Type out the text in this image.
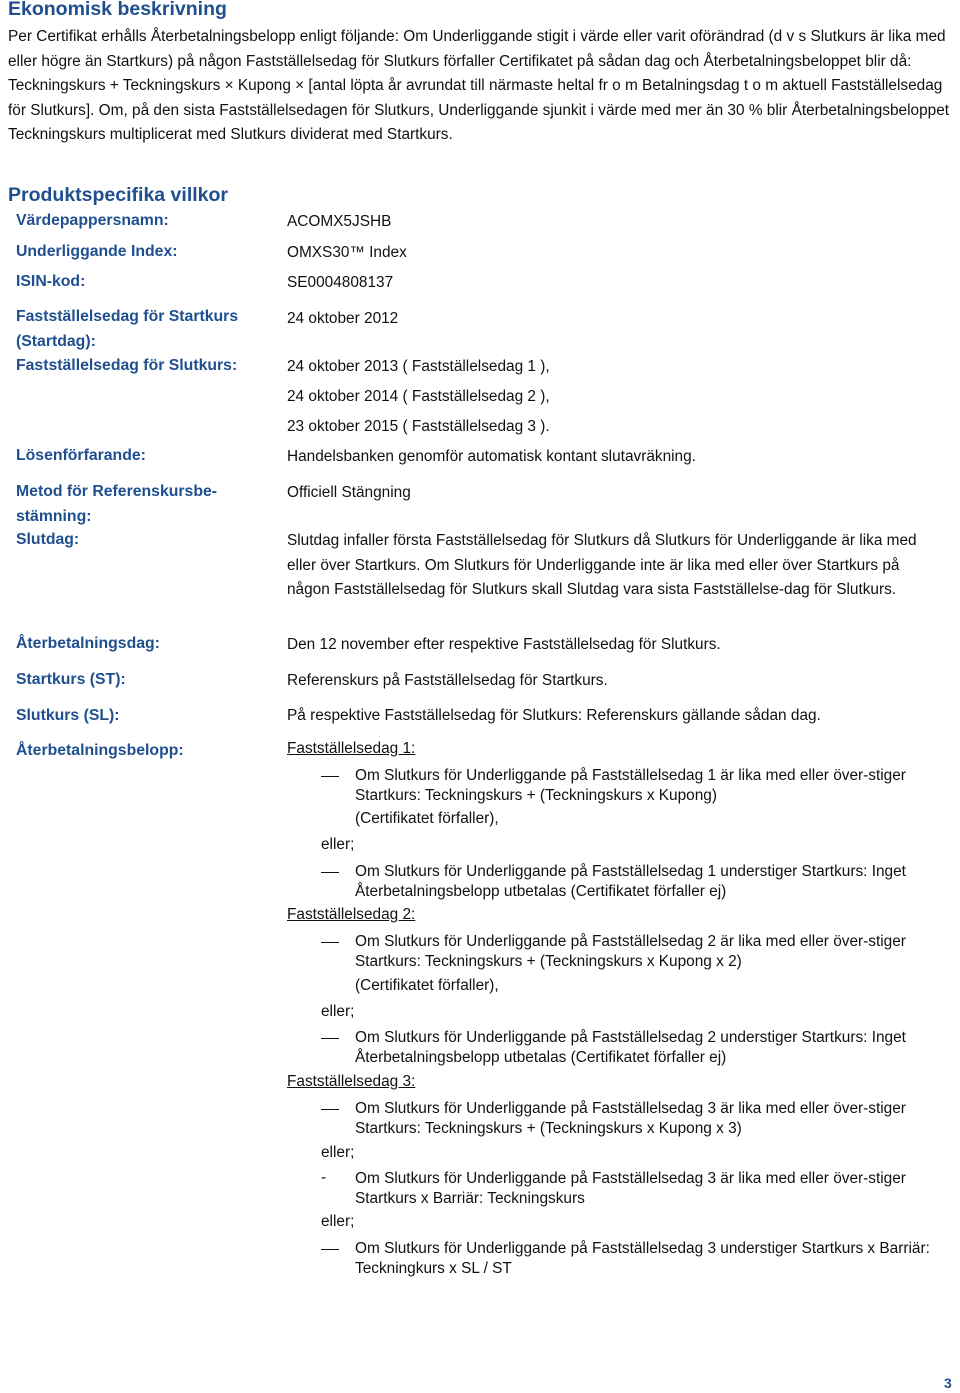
Ekonomisk beskrivning
Per Certifikat erhålls Återbetalningsbelopp enligt följande: Om Underliggande stigit i värde eller varit oförändrad (d v s Slutkurs är lika med eller högre än Startkurs) på någon Fastställelsedag för Slutkurs förfaller Certifikatet på sådan dag och Återbetalningsbeloppet blir då: Teckningskurs + Teckningskurs × Kupong × [antal löpta år avrundat till närmaste heltal fr o m Betalningsdag t o m aktuell Fastställelsedag för Slutkurs]. Om, på den sista Fastställelsedagen för Slutkurs, Underliggande sjunkit i värde med mer än 30 % blir Återbetalningsbeloppet Teckningskurs multiplicerat med Slutkurs dividerat med Startkurs.
Produktspecifika villkor
Värdepappersnamn:	ACOMX5JSHB
Underliggande Index:	OMXS30™ Index
ISIN-kod:	SE0004808137
Fastställelsedag för Startkurs (Startdag):
24 oktober 2012
Fastställelsedag för Slutkurs:	24 oktober 2013 ( Fastställelsedag 1 ),
24 oktober 2014 ( Fastställelsedag 2 ),
23 oktober 2015 ( Fastställelsedag 3 ).
Lösenförfarande:	Handelsbanken genomför automatisk kontant slutavräkning.
Metod för Referenskursbe-stämning:
Officiell Stängning
Slutdag:	Slutdag infaller första Fastställelsedag för Slutkurs då Slutkurs för Underliggande är lika med eller över Startkurs. Om Slutkurs för Underliggande inte är lika med eller över Startkurs på någon Fastställelsedag för Slutkurs skall Slutdag vara sista Fastställelse-dag för Slutkurs.
Återbetalningsdag:	Den 12 november efter respektive Fastställelsedag för Slutkurs.
Startkurs (ST):	Referenskurs på Fastställelsedag för Startkurs.
Slutkurs (SL):	På respektive Fastställelsedag för Slutkurs: Referenskurs gällande sådan dag.
Återbetalningsbelopp:	Fastställelsedag 1:
Om Slutkurs för Underliggande på Fastställelsedag 1 är lika med eller över-stiger Startkurs: Teckningskurs + (Teckningskurs x Kupong)
(Certifikatet förfaller),
eller;
Om Slutkurs för Underliggande på Fastställelsedag 1 understiger Startkurs: Inget Återbetalningsbelopp utbetalas (Certifikatet förfaller ej)
Fastställelsedag 2:
Om Slutkurs för Underliggande på Fastställelsedag 2 är lika med eller över-stiger Startkurs: Teckningskurs + (Teckningskurs x Kupong x 2)
(Certifikatet förfaller),
eller;
Om Slutkurs för Underliggande på Fastställelsedag 2 understiger Startkurs: Inget Återbetalningsbelopp utbetalas (Certifikatet förfaller ej)
Fastställelsedag 3:
Om Slutkurs för Underliggande på Fastställelsedag 3 är lika med eller över-stiger Startkurs: Teckningskurs + (Teckningskurs x Kupong x 3)
eller;
- Om Slutkurs för Underliggande på Fastställelsedag 3 är lika med eller över-stiger Startkurs x Barriär: Teckningskurs
eller;
Om Slutkurs för Underliggande på Fastställelsedag 3 understiger Startkurs x Barriär: Teckningkurs x SL / ST
3
